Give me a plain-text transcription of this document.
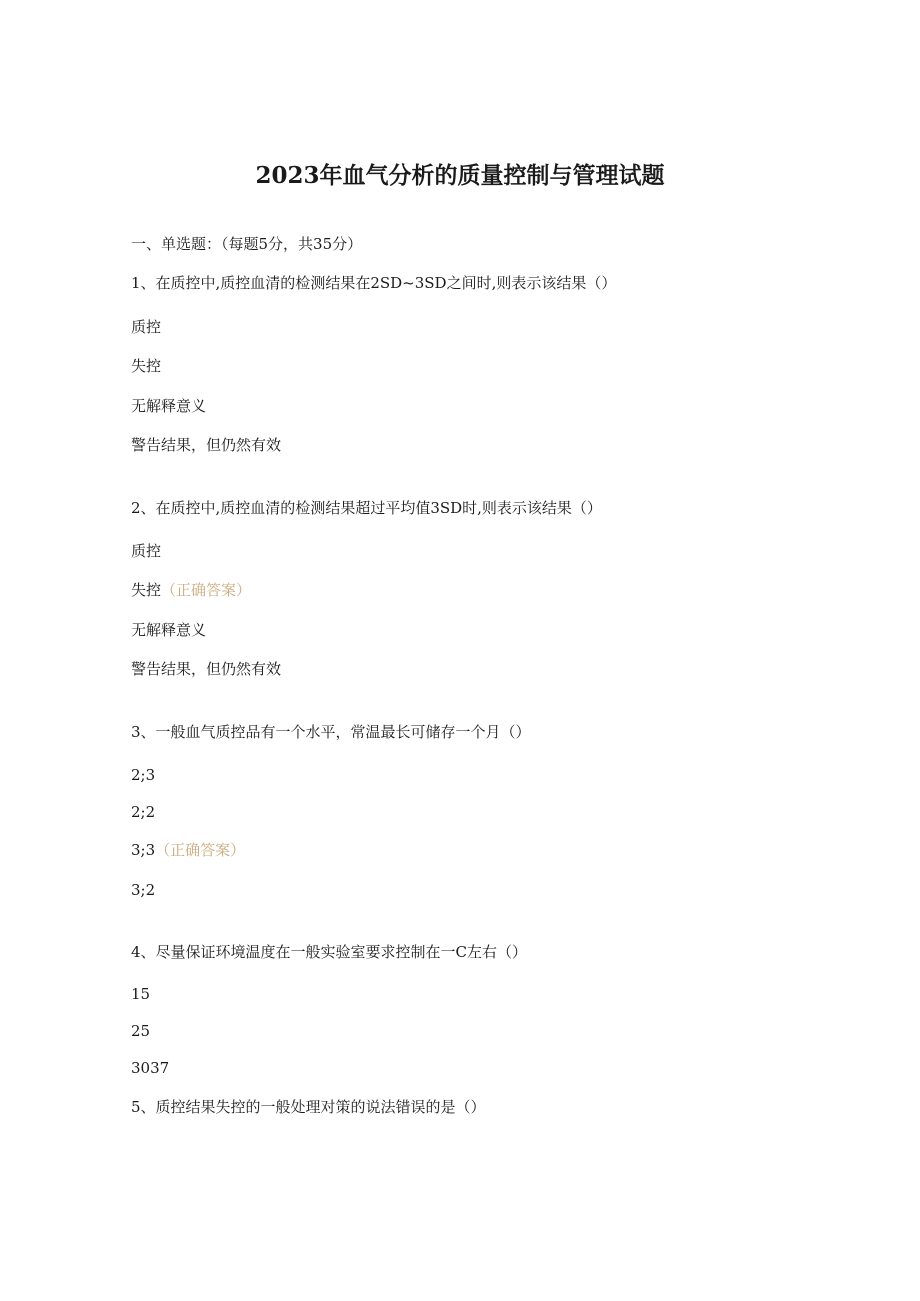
2023年血气分析的质量控制与管理试题
一、单选题：（每题5分，共35分）
1、在质控中,质控血清的检测结果在2SD~3SD之间时,则表示该结果（）
质控
失控
无解释意义
警告结果，但仍然有效
2、在质控中,质控血清的检测结果超过平均值3SD时,则表示该结果（）
质控
失控（正确答案）
无解释意义
警告结果，但仍然有效
3、一般血气质控品有一个水平，常温最长可储存一个月（）
2;3
2;2
3;3（正确答案）
3;2
4、尽量保证环境温度在一般实验室要求控制在一C左右（）
15
25
3037
5、质控结果失控的一般处理对策的说法错误的是（）
